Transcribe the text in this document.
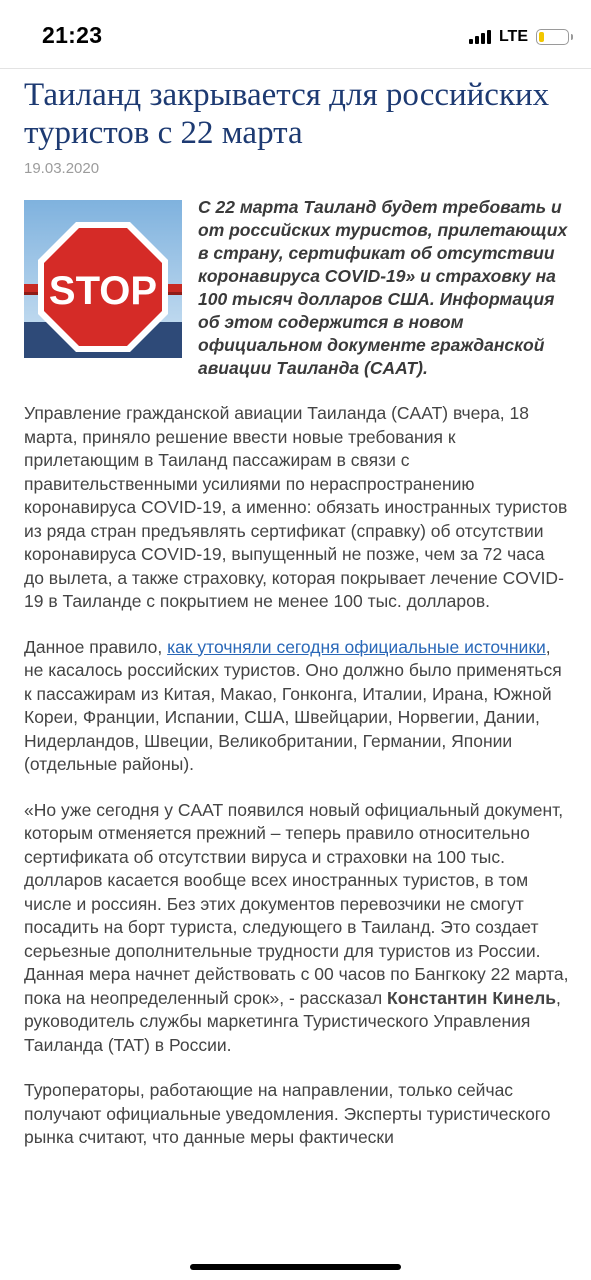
21:23	LTE
Таиланд закрывается для российских туристов с 22 марта
19.03.2020
STOP

С 22 марта Таиланд будет требовать и от российских туристов, прилетающих в страну, сертификат об отсутствии коронавируса COVID-19» и страховку на 100 тысяч долларов США. Информация об этом содержится в новом официальном документе гражданской авиации Таиланда (CAAT).

Управление гражданской авиации Таиланда (CAAT) вчера, 18 марта, приняло решение ввести новые требования к прилетающим в Таиланд пассажирам в связи с правительственными усилиями по нераспространению коронавируса COVID-19, а именно: обязать иностранных туристов из ряда стран предъявлять сертификат (справку) об отсутствии коронавируса COVID-19, выпущенный не позже, чем за 72 часа до вылета, а также страховку, которая покрывает лечение COVID-19 в Таиланде с покрытием не менее 100 тыс. долларов.

Данное правило, как уточняли сегодня официальные источники, не касалось российских туристов. Оно должно было применяться к пассажирам из Китая, Макао, Гонконга, Италии, Ирана, Южной Кореи, Франции, Испании, США, Швейцарии, Норвегии, Дании, Нидерландов, Швеции, Великобритании, Германии, Японии (отдельные районы).

«Но уже сегодня у CAAT появился новый официальный документ, которым отменяется прежний – теперь правило относительно сертификата об отсутствии вируса и страховки на 100 тыс. долларов касается вообще всех иностранных туристов, в том числе и россиян. Без этих документов перевозчики не смогут посадить на борт туриста, следующего в Таиланд. Это создает серьезные дополнительные трудности для туристов из России. Данная мера начнет действовать с 00 часов по Бангкоку 22 марта, пока на неопределенный срок», - рассказал Константин Кинель, руководитель службы маркетинга Туристического Управления Таиланда (TAT) в России.

Туроператоры, работающие на направлении, только сейчас получают официальные уведомления. Эксперты туристического рынка считают, что данные меры фактически
